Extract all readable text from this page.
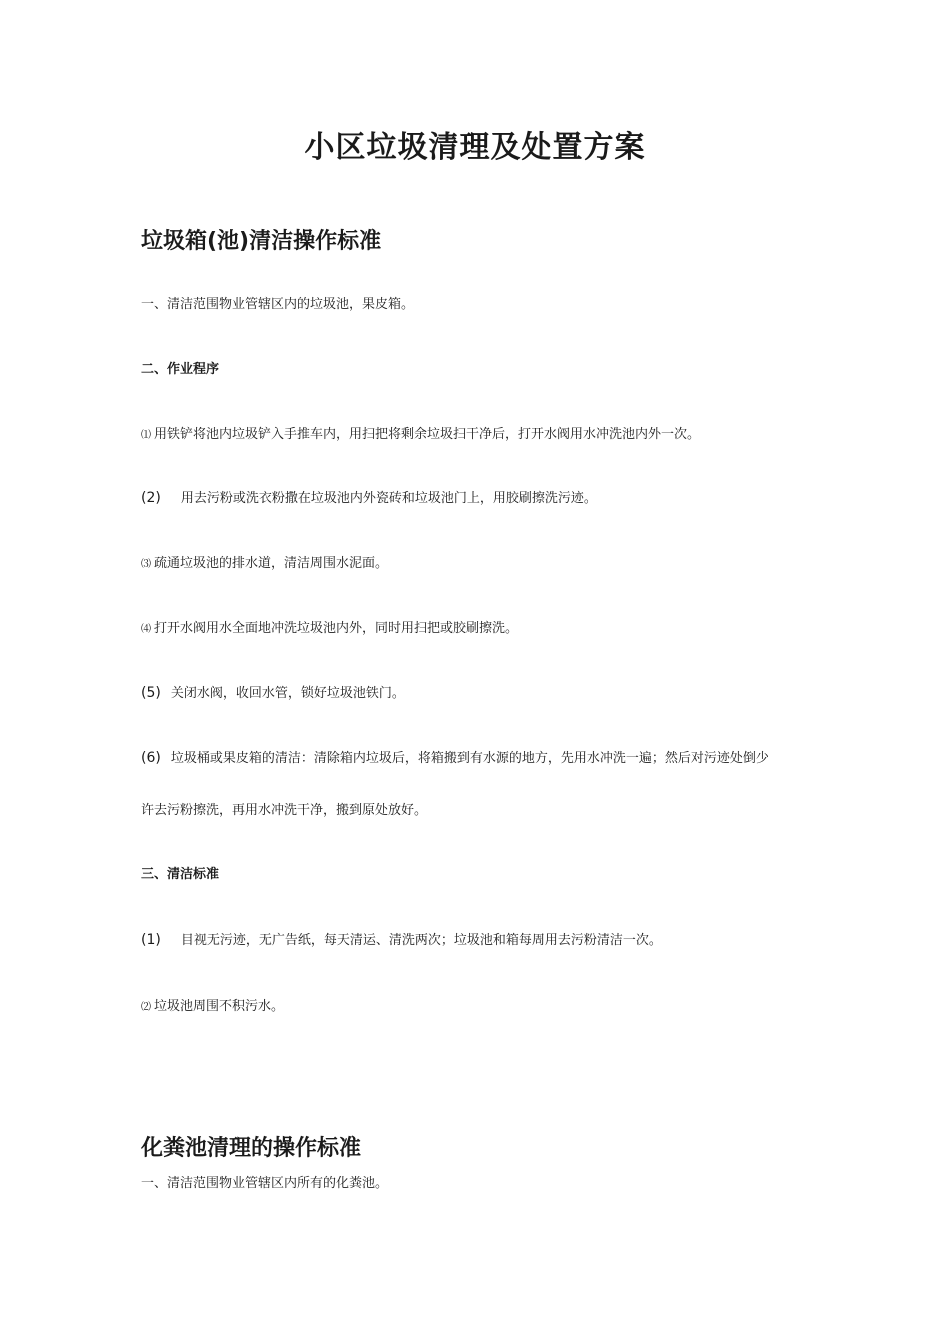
小区垃圾清理及处置方案
垃圾箱(池)清洁操作标准

一、清洁范围物业管辖区内的垃圾池，果皮箱。

二、作业程序

⑴ 用铁铲将池内垃圾铲入手推车内，用扫把将剩余垃圾扫干净后，打开水阀用水冲洗池内外一次。

(2) 用去污粉或洗衣粉撒在垃圾池内外瓷砖和垃圾池门上，用胶刷擦洗污迹。

⑶ 疏通垃圾池的排水道，清洁周围水泥面。

⑷ 打开水阀用水全面地冲洗垃圾池内外，同时用扫把或胶刷擦洗。

(5) 关闭水阀，收回水管，锁好垃圾池铁门。

(6) 垃圾桶或果皮箱的清洁：清除箱内垃圾后，将箱搬到有水源的地方，先用水冲洗一遍；然后对污迹处倒少

许去污粉擦洗，再用水冲洗干净，搬到原处放好。

三、清洁标准

(1) 目视无污迹，无广告纸，每天清运、清洗两次；垃圾池和箱每周用去污粉清洁一次。

⑵ 垃圾池周围不积污水。

化粪池清理的操作标准

一、清洁范围物业管辖区内所有的化粪池。
